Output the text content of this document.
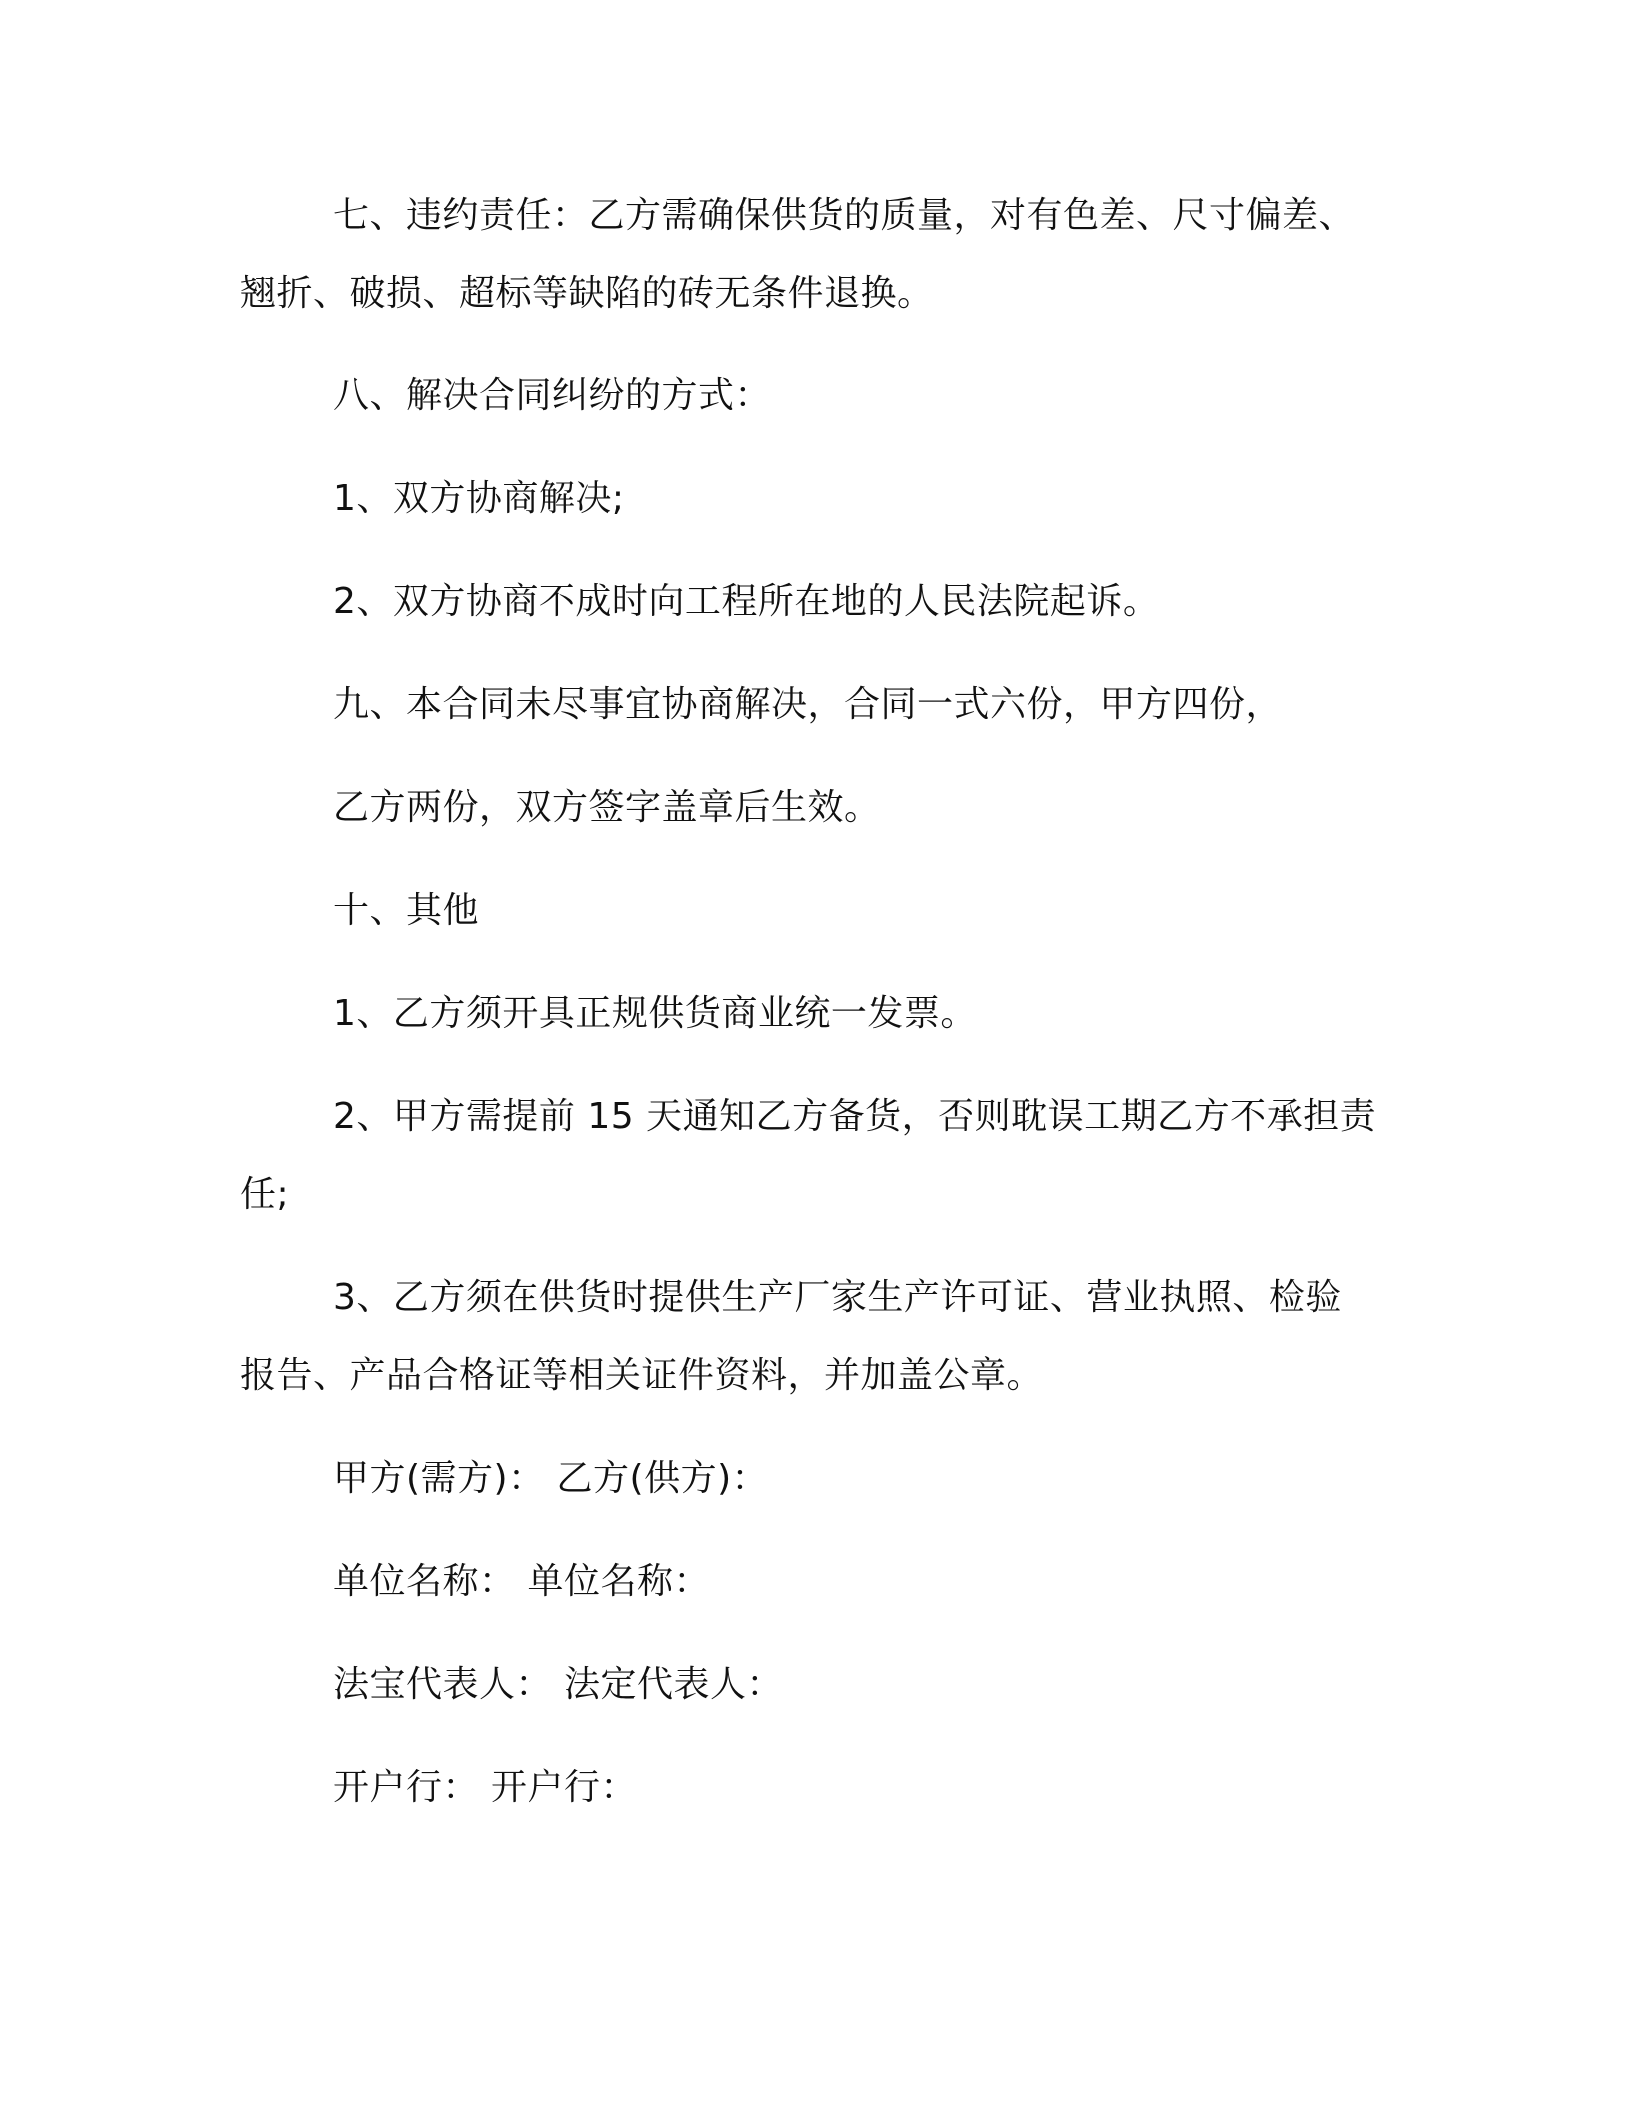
七、违约责任：乙方需确保供货的质量，对有色差、尺寸偏差、
翘折、破损、超标等缺陷的砖无条件退换。
八、解决合同纠纷的方式：
1、双方协商解决;
2、双方协商不成时向工程所在地的人民法院起诉。
九、本合同未尽事宜协商解决，合同一式六份，甲方四份，
乙方两份，双方签字盖章后生效。
十、其他
1、乙方须开具正规供货商业统一发票。
2、甲方需提前 15 天通知乙方备货，否则耽误工期乙方不承担责
任;
3、乙方须在供货时提供生产厂家生产许可证、营业执照、检验
报告、产品合格证等相关证件资料，并加盖公章。
甲方(需方)： 乙方(供方)：
单位名称： 单位名称：
法宝代表人： 法定代表人：
开户行： 开户行：
